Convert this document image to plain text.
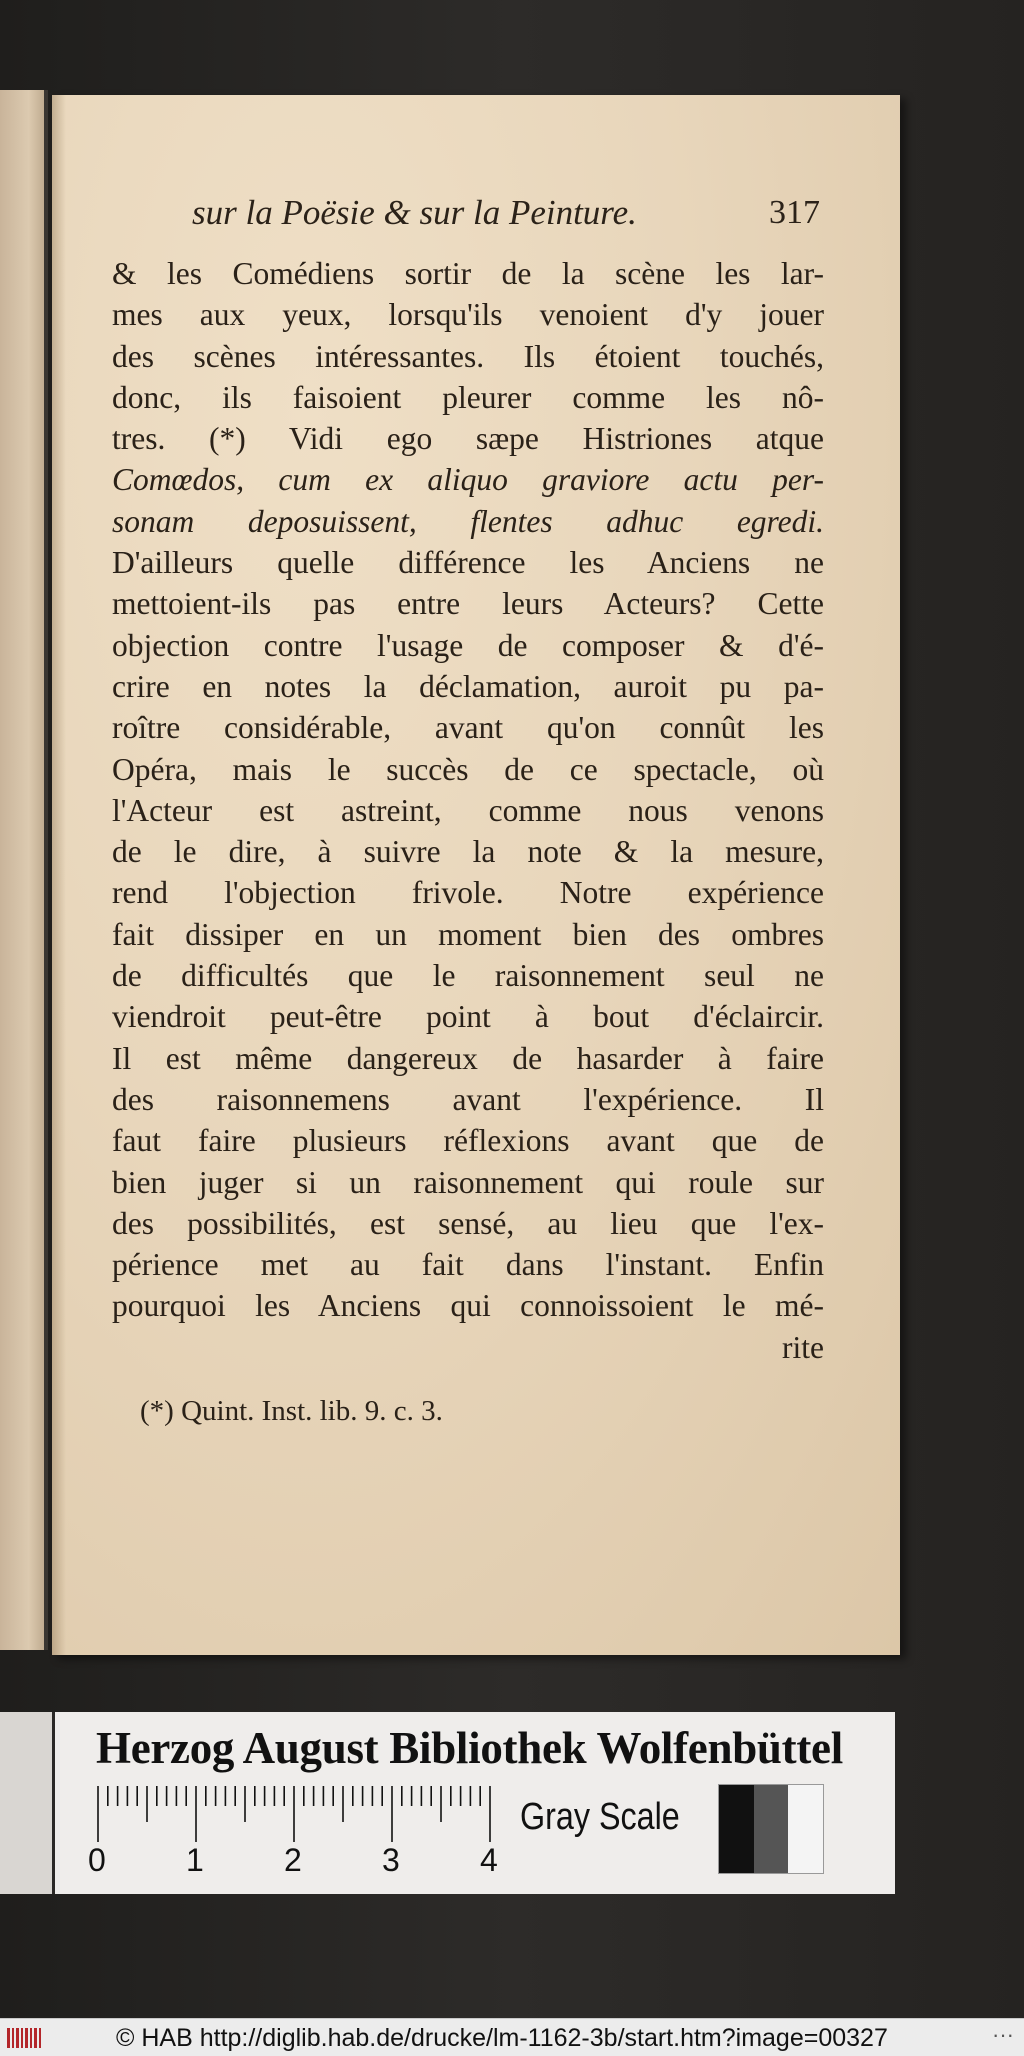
sur la Poësie & sur la Peinture.	317
& les Comédiens sortir de la scène les lar-
mes aux yeux, lorsqu'ils venoient d'y jouer
des scènes intéressantes. Ils étoient touchés,
donc, ils faisoient pleurer comme les nô-
tres. (*) Vidi ego sæpe Histriones atque
Comœdos, cum ex aliquo graviore actu per-
sonam deposuissent, flentes adhuc egredi.
D'ailleurs quelle différence les Anciens ne
mettoient-ils pas entre leurs Acteurs? Cette
objection contre l'usage de composer & d'é-
crire en notes la déclamation, auroit pu pa-
roître considérable, avant qu'on connût les
Opéra, mais le succès de ce spectacle, où
l'Acteur est astreint, comme nous venons
de le dire, à suivre la note & la mesure,
rend l'objection frivole. Notre expérience
fait dissiper en un moment bien des ombres
de difficultés que le raisonnement seul ne
viendroit peut-être point à bout d'éclaircir.
Il est même dangereux de hasarder à faire
des raisonnemens avant l'expérience. Il
faut faire plusieurs réflexions avant que de
bien juger si un raisonnement qui roule sur
des possibilités, est sensé, au lieu que l'ex-
périence met au fait dans l'instant. Enfin
pourquoi les Anciens qui connoissoient le mé-
rite
(*) Quint. Inst. lib. 9. c. 3.
Herzog August Bibliothek Wolfenbüttel
0	1	2	3	4
Gray Scale
© HAB http://diglib.hab.de/drucke/lm-1162-3b/start.htm?image=00327	···
